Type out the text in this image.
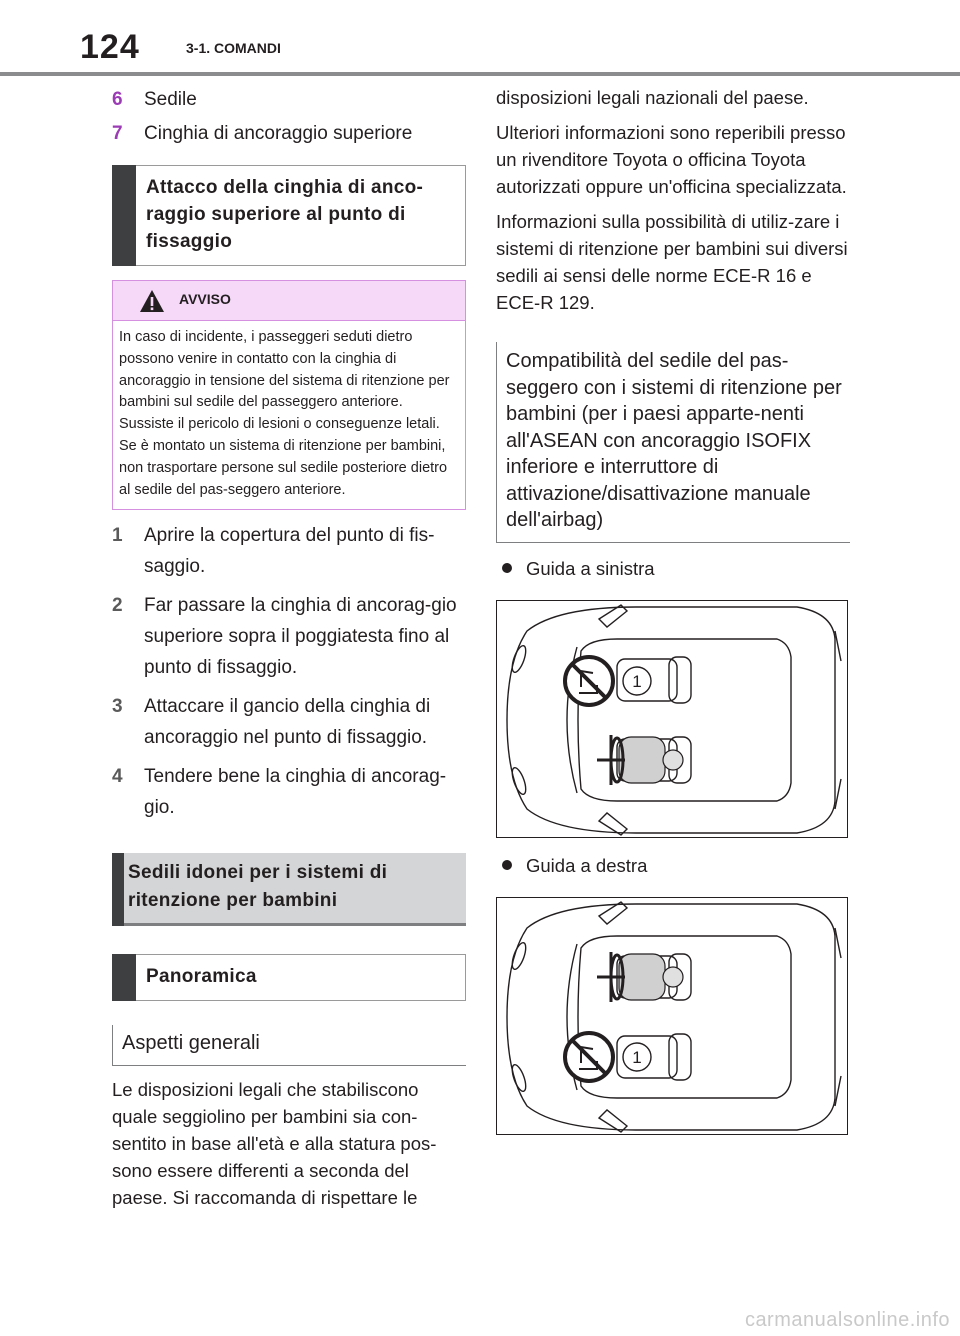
124	3-1. COMANDI
6	Sedile
7	Cinghia di ancoraggio superiore
Attacco della cinghia di anco-raggio superiore al punto di fissaggio
AVVISO
In caso di incidente, i passeggeri seduti dietro possono venire in contatto con la cinghia di ancoraggio in tensione del sistema di ritenzione per bambini sul sedile del passeggero anteriore. Sussiste il pericolo di lesioni o conseguenze letali. Se è montato un sistema di ritenzione per bambini, non trasportare persone sul sedile posteriore dietro al sedile del pas-seggero anteriore.
1	Aprire la copertura del punto di fis-saggio.
2	Far passare la cinghia di ancorag-gio superiore sopra il poggiatesta fino al punto di fissaggio.
3	Attaccare il gancio della cinghia di ancoraggio nel punto di fissaggio.
4	Tendere bene la cinghia di ancorag-gio.
Sedili idonei per i sistemi di ritenzione per bambini
Panoramica
Aspetti generali
Le disposizioni legali che stabiliscono quale seggiolino per bambini sia con-sentito in base all'età e alla statura pos-sono essere differenti a seconda del paese. Si raccomanda di rispettare le
disposizioni legali nazionali del paese.
Ulteriori informazioni sono reperibili presso un rivenditore Toyota o officina Toyota autorizzati oppure un'officina specializzata.
Informazioni sulla possibilità di utiliz-zare i sistemi di ritenzione per bambini sui diversi sedili ai sensi delle norme ECE-R 16 e ECE-R 129.
Compatibilità del sedile del pas-seggero con i sistemi di ritenzione per bambini (per i paesi apparte-nenti all'ASEAN con ancoraggio ISOFIX inferiore e interruttore di attivazione/disattivazione manuale dell'airbag)
Guida a sinistra
1
Guida a destra
1
carmanualsonline.info
